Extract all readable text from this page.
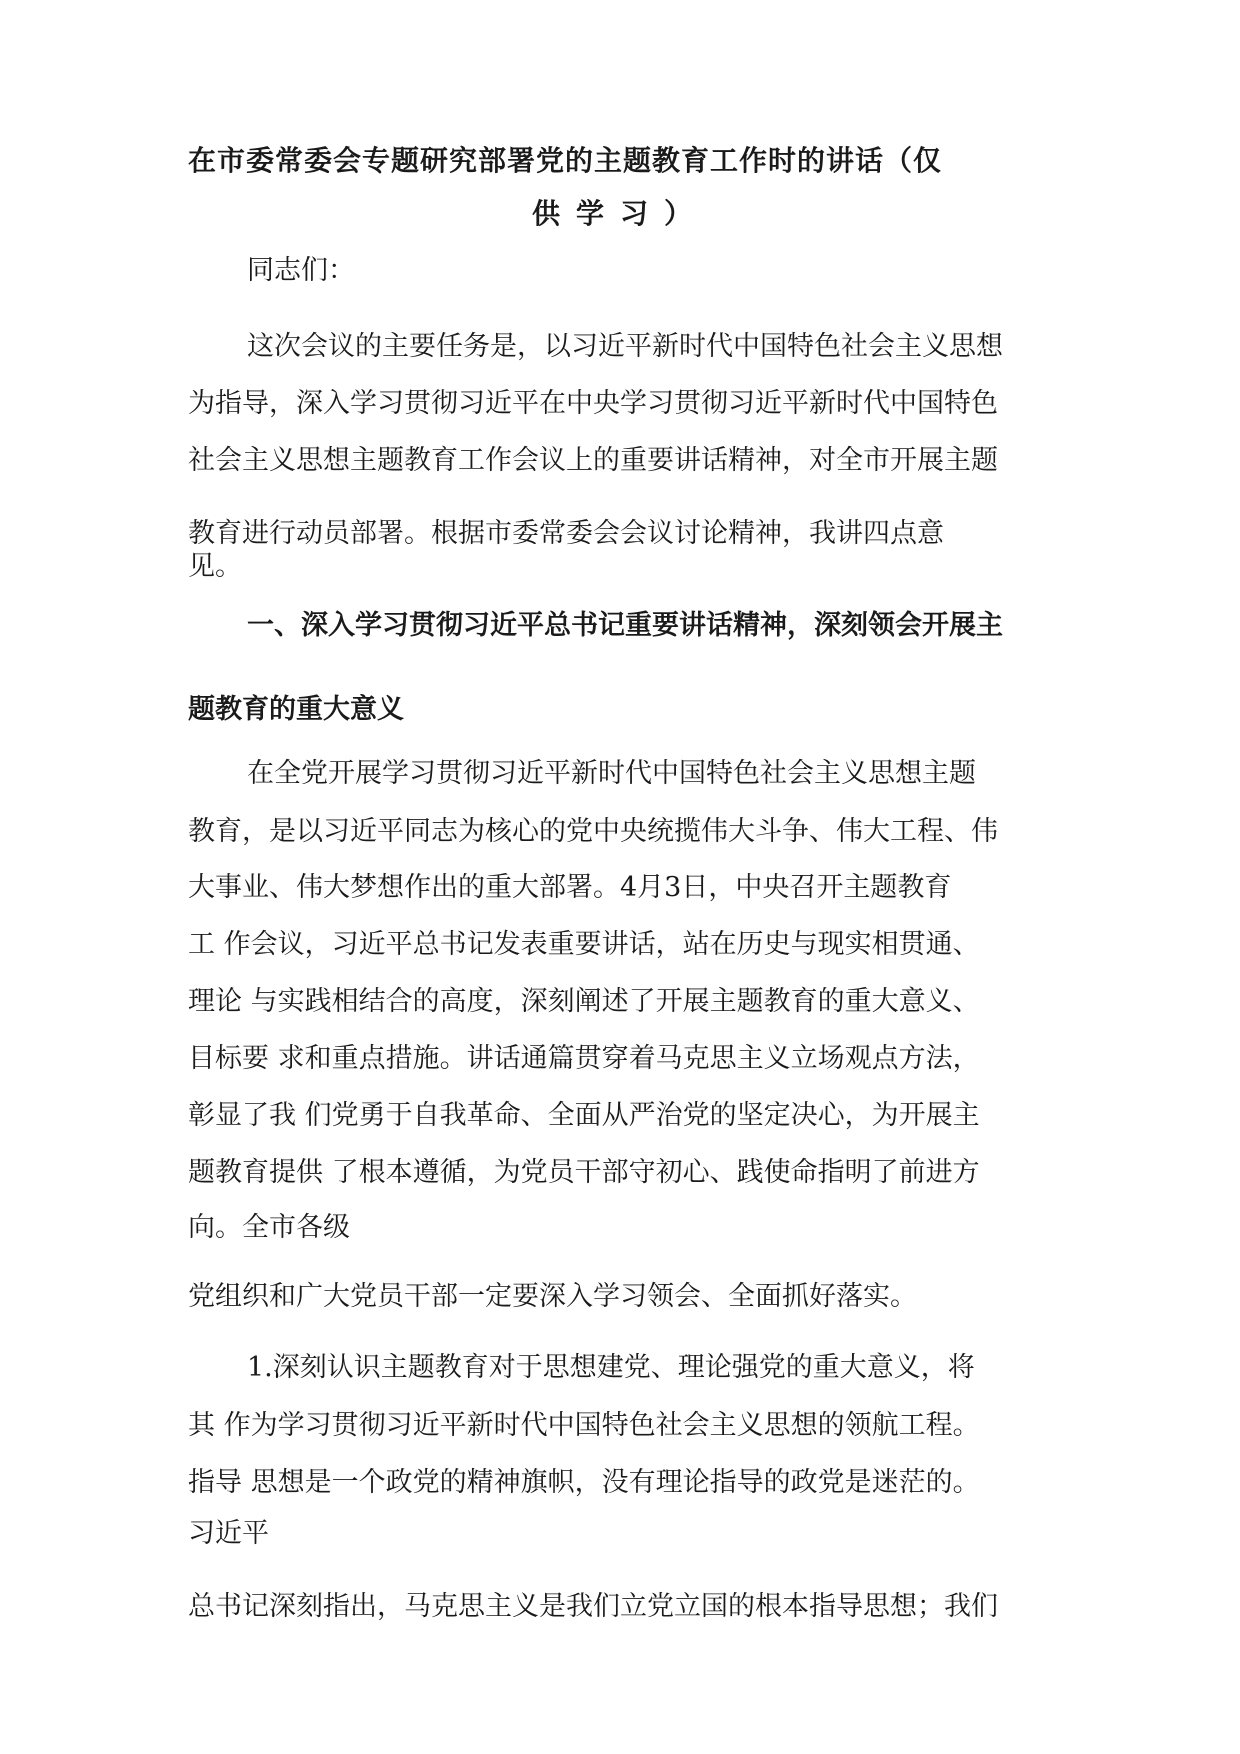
在市委常委会专题研究部署党的主题教育工作时的讲话（仅
供学习）
同志们：
这次会议的主要任务是，以习近平新时代中国特色社会主义思想
为指导，深入学习贯彻习近平在中央学习贯彻习近平新时代中国特色
社会主义思想主题教育工作会议上的重要讲话精神，对全市开展主题
教育进行动员部署。根据市委常委会会议讨论精神，我讲四点意
见。
一、深入学习贯彻习近平总书记重要讲话精神，深刻领会开展主
题教育的重大意义
在全党开展学习贯彻习近平新时代中国特色社会主义思想主题
教育，是以习近平同志为核心的党中央统揽伟大斗争、伟大工程、伟
大事业、伟大梦想作出的重大部署。4月3日，中央召开主题教育
工 作会议，习近平总书记发表重要讲话，站在历史与现实相贯通、
理论 与实践相结合的高度，深刻阐述了开展主题教育的重大意义、
目标要 求和重点措施。讲话通篇贯穿着马克思主义立场观点方法，
彰显了我 们党勇于自我革命、全面从严治党的坚定决心，为开展主
题教育提供 了根本遵循，为党员干部守初心、践使命指明了前进方
向。全市各级
党组织和广大党员干部一定要深入学习领会、全面抓好落实。
1.深刻认识主题教育对于思想建党、理论强党的重大意义，将
其 作为学习贯彻习近平新时代中国特色社会主义思想的领航工程。
指导 思想是一个政党的精神旗帜，没有理论指导的政党是迷茫的。
习近平
总书记深刻指出，马克思主义是我们立党立国的根本指导思想；我们
